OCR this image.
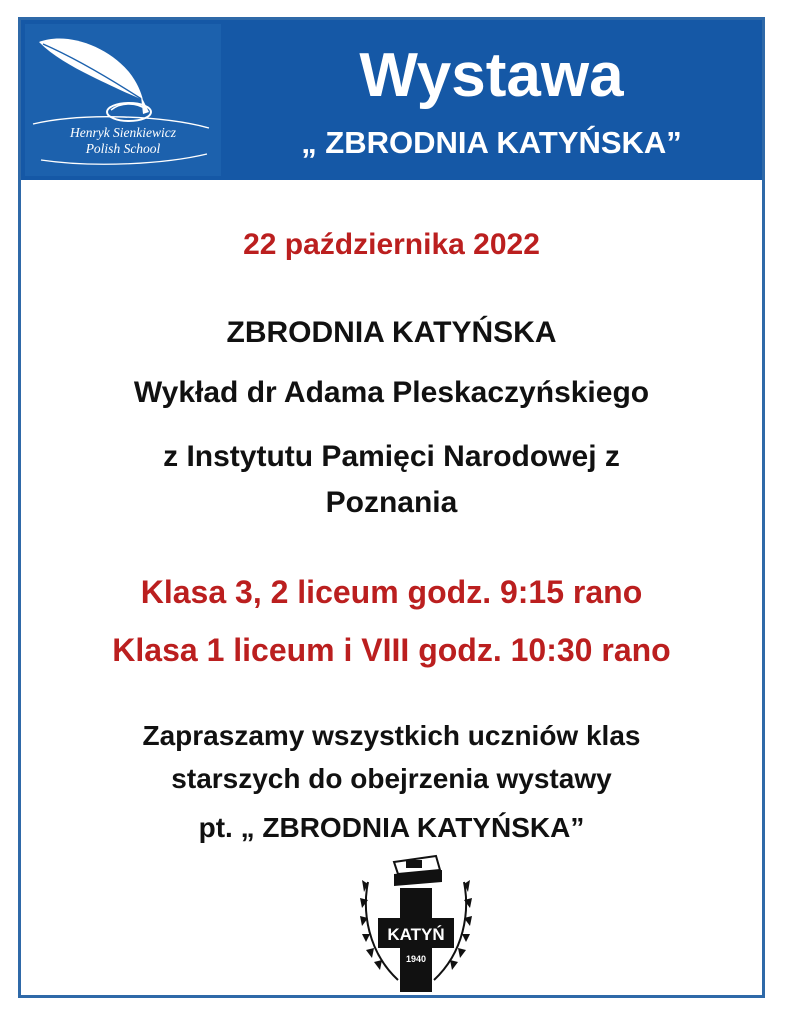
Henryk Sienkiewicz
Polish School
Wystawa
„ ZBRODNIA KATYŃSKA”
22 października 2022
ZBRODNIA KATYŃSKA
Wykład dr Adama Pleskaczyńskiego
z Instytutu Pamięci Narodowej z
Poznania
Klasa 3, 2 liceum godz. 9:15 rano
Klasa 1 liceum i VIII godz. 10:30 rano
Zapraszamy wszystkich uczniów klas
starszych do obejrzenia wystawy
pt. „ ZBRODNIA KATYŃSKA”
KATYŃ
1940
